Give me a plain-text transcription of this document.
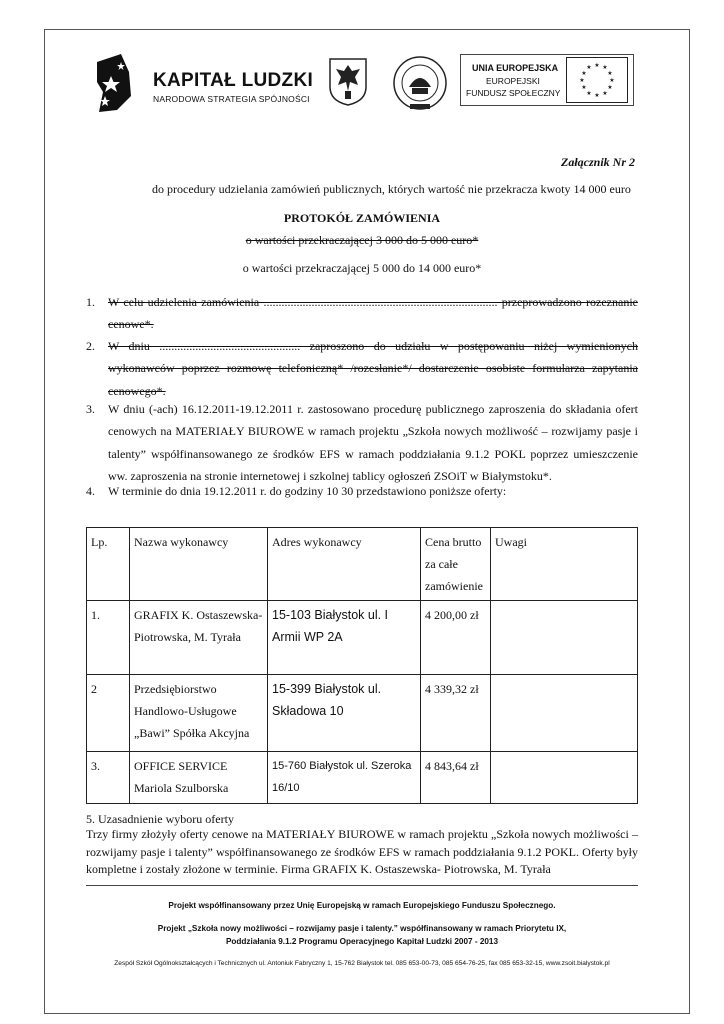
KAPITAŁ LUDZKI
NARODOWA STRATEGIA SPÓJNOŚCI
UNIA EUROPEJSKA
EUROPEJSKI
FUNDUSZ SPOŁECZNY
★ ★
★
★
★
★
★
★
★
★
★
★
Załącznik Nr 2
do procedury udzielania zamówień publicznych, których wartość nie przekracza kwoty 14 000 euro
PROTOKÓŁ ZAMÓWIENIA
o wartości przekraczającej 3 000 do 5 000 euro*
o wartości przekraczającej 5 000 do 14 000 euro*
1. W celu udzielenia zamówienia .............................................................................. przeprowadzono rozeznanie cenowe*.
2. W dniu ............................................... zaproszono do udziału w postępowaniu niżej wymienionych wykonawców poprzez rozmowę telefoniczną* /rozesłanie*/ dostarczenie osobiste formularza zapytania cenowego*.
3. W dniu (-ach) 16.12.2011-19.12.2011 r. zastosowano procedurę publicznego zaproszenia do składania ofert cenowych na MATERIAŁY BIUROWE w ramach projektu „Szkoła nowych możliwość – rozwijamy pasje i talenty” współfinansowanego ze środków EFS w ramach poddziałania 9.1.2 POKL poprzez umieszczenie ww. zaproszenia na stronie internetowej i szkolnej tablicy ogłoszeń ZSOiT w Białymstoku*.
4. W terminie do dnia 19.12.2011 r. do godziny 10 30 przedstawiono poniższe oferty:
Lp.	Nazwa wykonawcy	Adres wykonawcy	Cena brutto za całe zamówienie	Uwagi
1.	GRAFIX K. Ostaszewska- Piotrowska, M. Tyrała	15-103 Białystok ul. I Armii WP 2A	4 200,00 zł	
2	Przedsiębiorstwo Handlowo-Usługowe „Bawi” Spółka Akcyjna	15-399 Białystok ul. Składowa 10	4 339,32 zł	
3.	OFFICE SERVICE Mariola Szulborska	15-760 Białystok ul. Szeroka 16/10	4 843,64 zł	
5. Uzasadnienie wyboru oferty
Trzy firmy złożyły oferty cenowe na MATERIAŁY BIUROWE w ramach projektu „Szkoła nowych możliwości – rozwijamy pasje i talenty” współfinansowanego ze środków EFS w ramach poddziałania 9.1.2 POKL. Oferty były kompletne i zostały złożone w terminie. Firma GRAFIX K. Ostaszewska- Piotrowska, M. Tyrała
Projekt współfinansowany przez Unię Europejską w ramach Europejskiego Funduszu Społecznego.
Projekt „Szkoła nowy możliwości – rozwijamy pasje i talenty.” współfinansowany w ramach Priorytetu IX,
Poddziałania 9.1.2 Programu Operacyjnego Kapitał Ludzki 2007 - 2013
Zespół Szkół Ogólnokształcących i Technicznych ul. Antoniuk Fabryczny 1, 15-762 Białystok tel. 085 653-00-73, 085 654-76-25, fax 085 653-32-15, www.zsoit.bialystok.pl
